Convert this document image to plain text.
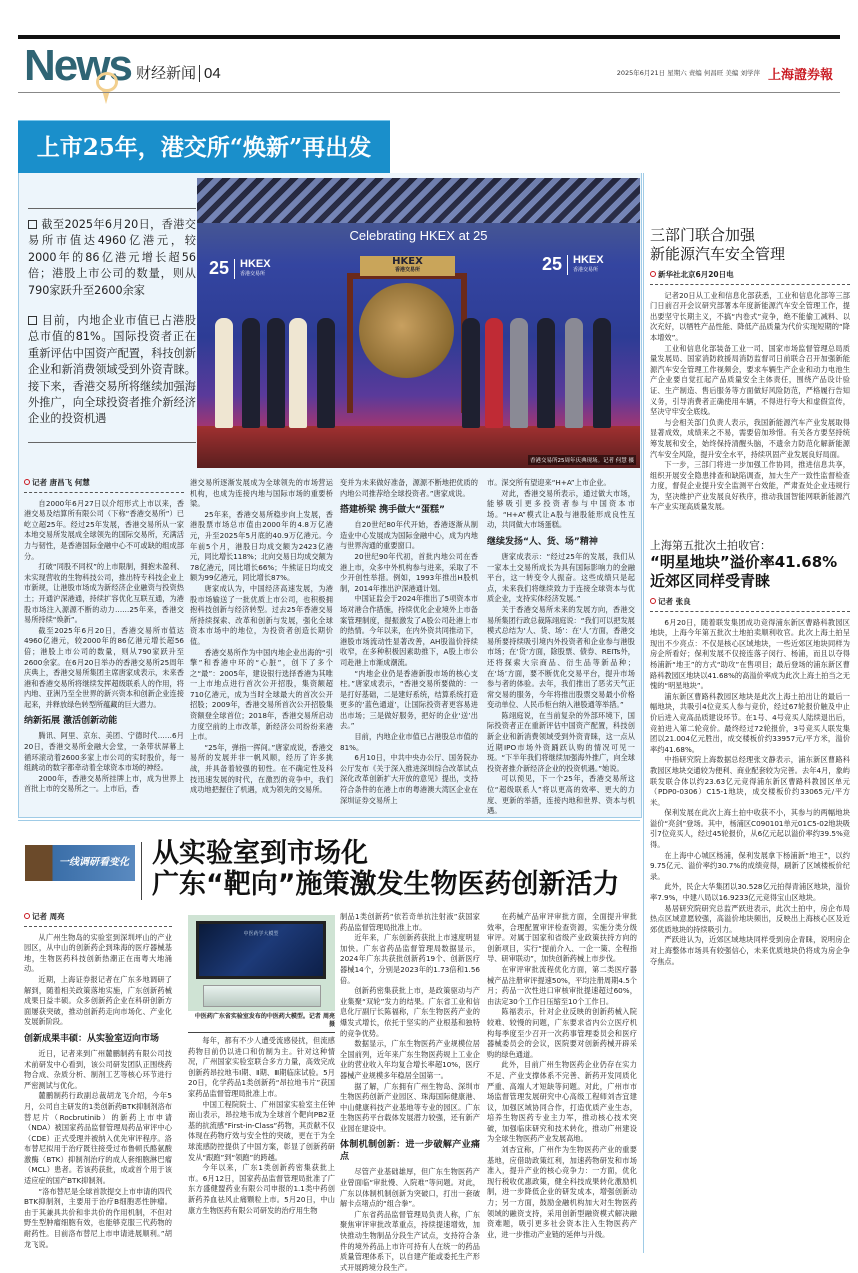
News 财经新闻 04	2025年6月21日 星期六 责编 何昌旺 美编 刘学萍 上海證券報
上市25年，港交所“焕新”再出发
截至2025年6月20日，香港交易所市值达4960亿港元，较2000年的86亿港元增长超56倍；港股上市公司的数量，则从790家跃升至2600余家
目前，内地企业市值已占港股总市值的81%。国际投资者正在重新评估中国资产配置，科技创新企业和新消费领域受到外资青睐。接下来，香港交易所将继续加强海外推广，向全球投资者推介新经济企业的投资机遇
Celebrating HKEX at 25
25 HKEX
香港交易所	25 HKEX
香港交易所
HKEX
香港交易所
香港交易所25周年庆典现场。记者 何慧 摄
记者 唐昌飞 何慧

自2000年6月27日以介绍形式上市以来，香港交易及结算所有限公司（下称“香港交易所”）已屹立超25年。经过25年发展，香港交易所从一家本地交易所发展成全球领先的国际交易所，充满活力与韧性，是香港国际金融中心不可或缺的组成部分。

打破“同股不同权”的上市限制，拥抱未盈利、未实现营收的生物科技公司，推出特专科技企业上市新规，让港股市场成为新经济企业融资与投资热土；开通沪深港通，持续扩容优化互联互通，为港股市场注入源源不断的动力……25年来，香港交易所持续“焕新”。

截至2025年6月20日，香港交易所市值达4960亿港元，较2000年的86亿港元增长超56倍；港股上市公司的数量，则从790家跃升至2600余家。在6月20日举办的香港交易所25周年庆典上，香港交易所集团主席唐家成表示，未来香港和香港交易所将继续发挥超级联系人的作用，将内地、亚洲乃至全世界的新兴资本和创新企业连接起来，并释放绿色转型所蕴藏的巨大潜力。

纳新拓展 激活创新动能

腾讯、阿里、京东、美团、宁德时代……6月20日，香港交易所金融大会堂，一条带状屏幕上循环滚动着2600多家上市公司的实时股价，每一组跳动的数字都牵动着全球资本市场的神经。

2000年，香港交易所挂牌上市，成为世界上首批上市的交易所之一。上市后，香

港交易所逐渐发展成为全球领先的市场营运机构，也成为连接内地与国际市场的重要桥梁。

25年来，香港交易所稳步向上发展，香港股票市场总市值由2000年的4.8万亿港元，升至2025年5月底的40.9万亿港元。今年前5个月，港股日均成交额为2423亿港元，同比增长118%；北向交易日均成交额为78亿港元，同比增长66%；牛熊证日均成交额为99亿港元，同比增长87%。

唐家成认为，中国经济高速发展，为港股市场输送了一批优质上市公司，也积极拥抱科技创新与经济转型。过去25年香港交易所持续探索、改革和创新与发展，强化全球资本市场中的地位，为投资者创造长期价值。

香港交易所作为中国内地企业出海的“引擎”和香港中环的“心脏”，创下了多个之“最”：2005年，建设银行选择香港为其唯一上市地点进行首次公开招股，集资额超710亿港元，成为当时全球最大的首次公开招股；2009年，香港交易所首次公开招股集资额登全球首位；2018年，香港交易所启动力度空前的上市改革，新经济公司纷纷来港上市。

“25年，弹指一挥间。”唐家成说，香港交易所的发展并非一帆风顺，经历了许多挑战，并具备着较强的韧性。在不确定性及科技迅速发展的时代，在激烈的竞争中，我们成功地把握住了机遇，成为领先的交易所。

变并为未来做好准备，源源不断地把优质的内地公司推荐给全球投资者。”唐家成说。

搭建桥梁 携手做大“蛋糕”

自20世纪80年代开始，香港逐渐从制造业中心发展成为国际金融中心，成为内地与世界沟通的重要窗口。

20世纪90年代初，首批内地公司在香港上市，众多中外机构参与进来，采取了不少开创性举措。例如，1993年推出H股机制，2014年推出沪深港通计划。

中国证监会于2024年推出了5项资本市场对港合作措施，持续优化企业境外上市备案管理制度，提振激发了A股公司赴港上市的热情。今年以来，在内外资共同推动下，港股市场流动性显著改善，AH股溢价持续收窄，在多种积极因素助推下，A股上市公司赴港上市渐成潮流。

“内地企业仍是香港新股市场的核心支柱。”唐家成表示，“香港交易所要做的：一是打好基础，二是建好系统，结算系统打造更多的‘蓝色通道’，让国际投资者更容易进出市场；三是做好服务，把好的企业‘送’出去。”

目前，内地企业市值已占港股总市值的81%。

6月10日，中共中央办公厅、国务院办公厅发布《关于深入推进深圳综合改革试点 深化改革创新扩大开放的意见》提出，支持符合条件的在港上市的粤港澳大湾区企业在深圳证券交易所上

市。深交所有望迎来“H+A”上市企业。

对此，香港交易所表示，通过做大市场，能够吸引更多投资者参与中国资本市场。“H+A”模式让A股与港股能形成良性互动，共同做大市场蛋糕。

继续发扬“人、货、场”精神

唐家成表示：“经过25年的发展，我们从一家本土交易所成长为具有国际影响力的金融平台，这一转变令人振奋。这些成绩只是起点，未来我们将继续致力于连接全球资本与优质企业，支持实体经济发展。”

关于香港交易所未来的发展方向，香港交易所集团行政总裁陈翊庭说：“我们可以把发展模式总结为‘人、货、场’：在‘人’方面，香港交易所要持续吸引境内外投资者和企业参与港股市场；在‘货’方面，除股票、债券、REITs外，还将探索大宗商品、衍生品等新品种；在‘场’方面，要不断优化交易平台，提升市场参与者的体验。去年，我们推出了恶劣天气正常交易的服务，今年将推出股票交易最小价格变动单位、人民币柜台纳入港股通等举措。”

陈翊庭说，在当前复杂的外部环境下，国际投资者正在重新评估中国资产配置，科技创新企业和新消费领域受到外资青睐，这一点从近期IPO市场外资踊跃认购的情况可见一斑。“下半年我们将继续加强海外推广，向全球投资者推介新经济企业的投资机遇。”她说。

可以预见，下一个25年，香港交易所这位“超级联系人”将以更高的效率、更大的力度、更新的举措，连接内地和世界、资本与机遇。

三部门联合加强
新能源汽车安全管理
新华社北京6月20日电

记者20日从工业和信息化部获悉，工业和信息化部等三部门日前召开会议研究部署本年度新能源汽车安全管理工作，提出要坚守长期主义，不搞“内卷式”竞争，绝不能偷工减料、以次充好，以牺牲产品性能、降低产品质量为代价实现短期的“降本增效”。

工业和信息化部装备工业一司、国家市场监督管理总局质量发展局、国家消防救援局消防监督司日前联合召开加强新能源汽车安全管理工作视频会，要求车辆生产企业和动力电池生产企业要自觉扛起产品质量安全主体责任，围绕产品设计验证、生产制造、售后服务等方面做好风险防范，严格履行告知义务，引导消费者正确使用车辆，不得进行夸大和虚假宣传，坚决守牢安全底线。

与会相关部门负责人表示，我国新能源汽车产业发展取得显著成效，成绩来之不易，需要倍加珍惜。有关各方要坚持统筹发展和安全，始终保持清醒头脑，不遗余力防范化解新能源汽车安全风险，提升安全水平，持续巩固产业发展良好局面。

下一步，三部门将进一步加强工作协同，推进信息共享，组织开展安全隐患排查和缺陷调查，加大生产一致性监督检查力度，督促企业提升安全监测平台效能，严肃查处企业违规行为，坚决维护产业发展良好秩序，推动我国智能网联新能源汽车产业实现高质量发展。

上海第五批次土拍收官：
“明星地块”溢价率41.68%
近郊区同样受青睐
记者 张良

6月20日，随着联发集团成功竞得浦东新区曹路科教园区地块，上海今年第五批次土地拍卖顺利收官。此次上海土拍呈现出不少亮点：不仅是核心区域地块，一些近郊区地块同样为房企所看好；保利发展不仅接连落子闵行、杨浦，而且以夺得杨浦新“地王”的方式“助攻”在售项目；最后登场的浦东新区曹路科教园区地块以41.68%的高溢价率成为此次上海土拍当之无愧的“明星地块”。

浦东新区曹路科教园区地块是此次上海土拍出让的最后一幅地块，共吸引4位竞买人参与竞价，经过67轮报价触及中止价后进入竞高品质建设环节。在1号、4号竞买人陆续退出后，竞拍进入第二轮竞价。最终经过72轮报价，3号竞买人联发集团以21.004亿元胜出，成交楼板价约33957元/平方米，溢价率约41.68%。

中指研究院上海数据总经理张文静表示，浦东新区曹路科教园区地块交通较为便利、商业配套较为完善。去年4月，象屿联发联合体以约23.63亿元竞得浦东新区曹路科教园区单元（PDP0-0306）C15-1地块，成交楼板价约33065元/平方米。

保利发展在此次上海土拍中收获不小，其参与的两幅地块溢价“亮剑”登场。其中，杨浦区C090101单元01C5-02地块吸引7位竞买人，经过45轮报价，从6亿元起以溢价率约39.5%竞得。

在上海中心城区杨浦，保利发展拿下杨浦新“地王”，以约9.75亿元、溢价率约30.7%的成绩竞得，刷新了区域楼板价纪录。

此外，民企大华集团以30.528亿元拍得青浦区地块，溢价率7.9%，中建八局以16.9233亿元竞得宝山区地块。

易居研究院研究总监严跃进表示，此次土拍中，房企布局热点区域意愿较强，高溢价地块频出，反映出上海核心区及近郊优质地块的持续吸引力。

严跃进认为，近郊区域地块同样受到房企青睐，说明房企对上海整体市场具有较强信心，未来优质地块仍将成为房企争夺焦点。

一线调研看变化 从实验室到市场化
广东“靶向”施策激发生物医药创新活力
记者 周亮

从广州生物岛的实验室到深圳坪山的产业园区，从中山的创新药企到珠海的医疗器械基地，生物医药科技创新热潮正在南粤大地涌动。

近期，上海证券报记者在广东多地调研了解到，随着相关政策落地实施，广东创新药械成果日益丰硕。众多创新药企业在科研创新方面屡获突破，推动创新药走向市场化、产业化发展新阶段。

创新成果丰硕：从实验室迈向市场

近日，记者来到广州麓鹏制药有限公司技术前研发中心看到，该公司研发团队正围绕药物合成、杂质分析、制剂工艺等核心环节进行严密测试与优化。

麓鹏制药行政副总裁胡龙飞介绍，今年5月，公司自主研发的1类创新药BTK抑制剂洛布替尼片（Rocbrutinib）的新药上市申请（NDA）被国家药品监督管理局药品审评中心（CDE）正式受理并被纳入优先审评程序。洛布替尼拟用于治疗既往接受过布鲁顿氏酪氨酸激酶（BTK）抑制剂治疗的成人套细胞淋巴瘤（MCL）患者。若该药获批，成或首个用于该适应症的国产BTK抑制剂。

“洛布替尼是全球首款提交上市申请的四代BTK抑制剂，主要用于治疗B细胞恶性肿瘤。由于其兼具共价和非共价的作用机制，不但对野生型肿瘤细胞有效，也能够克服三代药物的耐药性。目前洛布替尼上市申请进展顺利。”胡龙飞说。

中医药学大模型
中医药广东省实验室发布的中医药大模型。记者 周亮 摄

每年，都有不少人遭受流感侵扰，但流感药物目前仍以进口和仿制为主。针对这种情况，广州国家实验室联合多方力量，高效完成创新药昂拉地韦Ⅰ期、Ⅱ期、Ⅲ期临床试验。5月20日，化学药品1类创新药“昂拉地韦片”获国家药品监督管理局批准上市。

中国工程院院士、广州国家实验室主任钟南山表示，昂拉地韦成为全球首个靶向PB2亚基的抗流感“First-in-Class”药物，其贡献不仅体现在药物疗效与安全性的突破，更在于为全球流感防控提供了中国方案，彰显了创新药研发从“跟跑”到“领跑”的跨越。

今年以来，广东1类创新药密集获批上市。6月12日，国家药品监督管理局批准了广东方盛健盟药业有限公司申报的1.1类中药创新药养血祛风止痛颗粒上市。5月20日，中山康方生物医药有限公司研发的治疗用生物

制品1类创新药“依若奇单抗注射液”获国家药品监督管理局批准上市。

近年来，广东创新药获批上市速度明显加快。广东省药品监督管理局数据显示，2024年广东共获批创新药19个、创新医疗器械14个，分别是2023年的1.73倍和1.56倍。

创新药密集获批上市，是政策驱动与产业集聚“双轮”发力的结果。广东省工业和信息化厅副厅长陈福称，广东生物医药产业的爆发式增长，依托于坚实的产业根基和独特的竞争优势。

数据显示，广东生物医药产业规模位居全国前列，近年来广东生物医药规上工业企业的营业收入年均复合增长率超10%，医疗器械产业规模多年稳居全国第一。

据了解，广东拥有广州生物岛、深圳市生物医药创新产业园区、珠海国际健康港、中山健康科技产业基地等专业的园区。广东生物医药平台载体发展潜力较强，还有新产业园在建设中。

体制机制创新：进一步破解产业痛点

尽管产业基础雄厚，但广东生物医药产业曾面临“审批慢、入院难”等问题。对此，广东以体制机制创新为突破口，打出一套破解卡点堵点的“组合拳”。

广东省药品监督管理局负责人称，广东聚焦审评审批改革重点，持续提速增效，加快推动生物制品分段生产试点，支持符合条件的境外药品上市许可持有人在统一的药品质量管理体系下，以自建产能或委托生产形式开展跨境分段生产。

在药械产品审评审批方面，全面提升审批效率，合理配置审评检查资源，实施分类分级审评。对属于国家和省级产业政策扶持方向的创新项目，实行“提前介入、一企一策、全程指导、研审联动”，加快创新药械上市步伐。

在审评审批流程优化方面，第二类医疗器械产品注册审评提速50%，平均注册周期4.5个月；药品一次性进口审核审批提速超过60%，由法定30个工作日压缩至10个工作日。

陈福表示，针对企业反映的创新药械入院较难、较慢的问题，广东要求省内公立医疗机构每季度至少召开一次药事管理委员会和医疗器械委员会的会议，医院要对创新药械开辟采购的绿色通道。

此外，目前广州生物医药企业仍存在实力不足、产业支撑体系不完善、新药开发同质化严重、高端人才短缺等问题。对此，广州市市场监督管理发展研究中心高级工程师刘杏宜建议，加强区域协同合作，打造优质产业生态，培养生物医药专业主力军，推动核心技术突破，加强临床研究和技术转化，推动广州建设为全球生物医药产业发展高地。

刘杏宜称，广州作为生物医药产业的重要基地，应借助政策红利，加速药物研发和市场准入，提升产业的核心竞争力：一方面，优化现行税收优惠政策，健全科技成果转化激励机制，进一步降低企业的研发成本，增强创新动力；另一方面，鼓励金融机构加大对生物医药领域的融资支持，采用创新型融资模式解决融资难题，吸引更多社会资本注入生物医药产业，进一步推动产业链的延伸与升级。
